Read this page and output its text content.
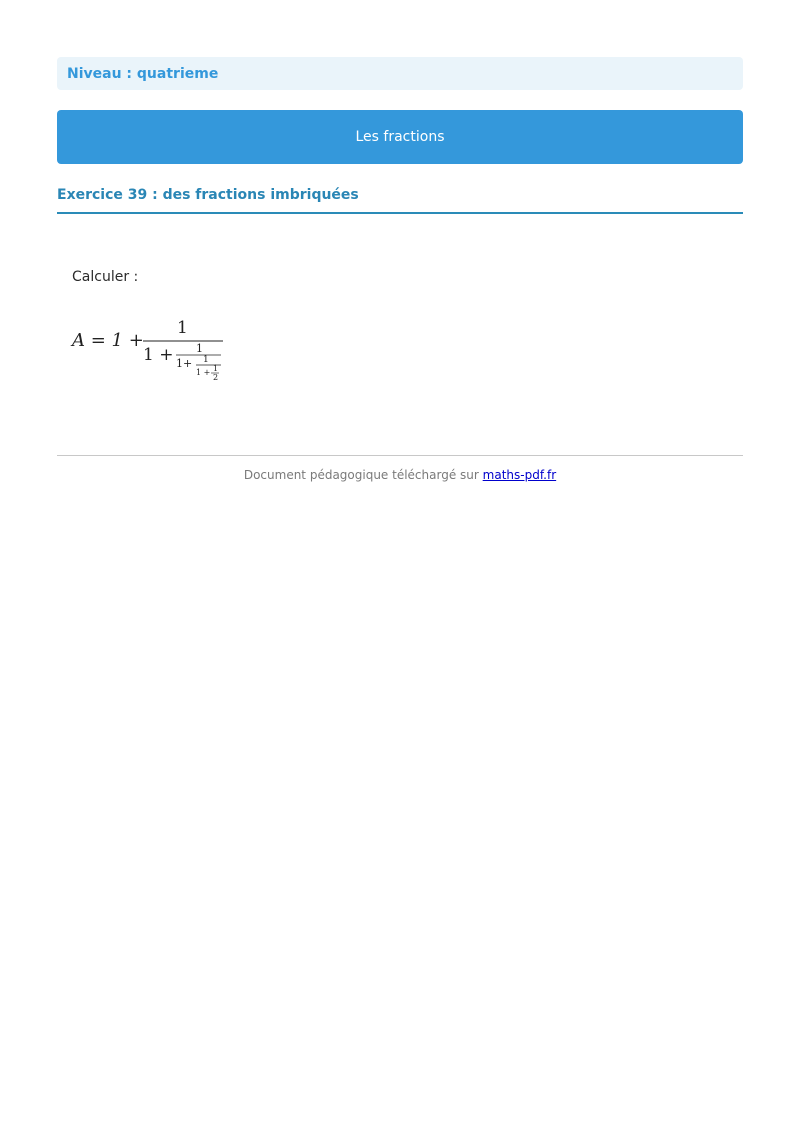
Niveau :
quatrieme
Les fractions
Exercice 39 : des fractions imbriquées
Calculer :
A = 1 +
1
1 + 1
1+ 1
1 + 1
2
Document pédagogique téléchargé sur maths-pdf.fr
